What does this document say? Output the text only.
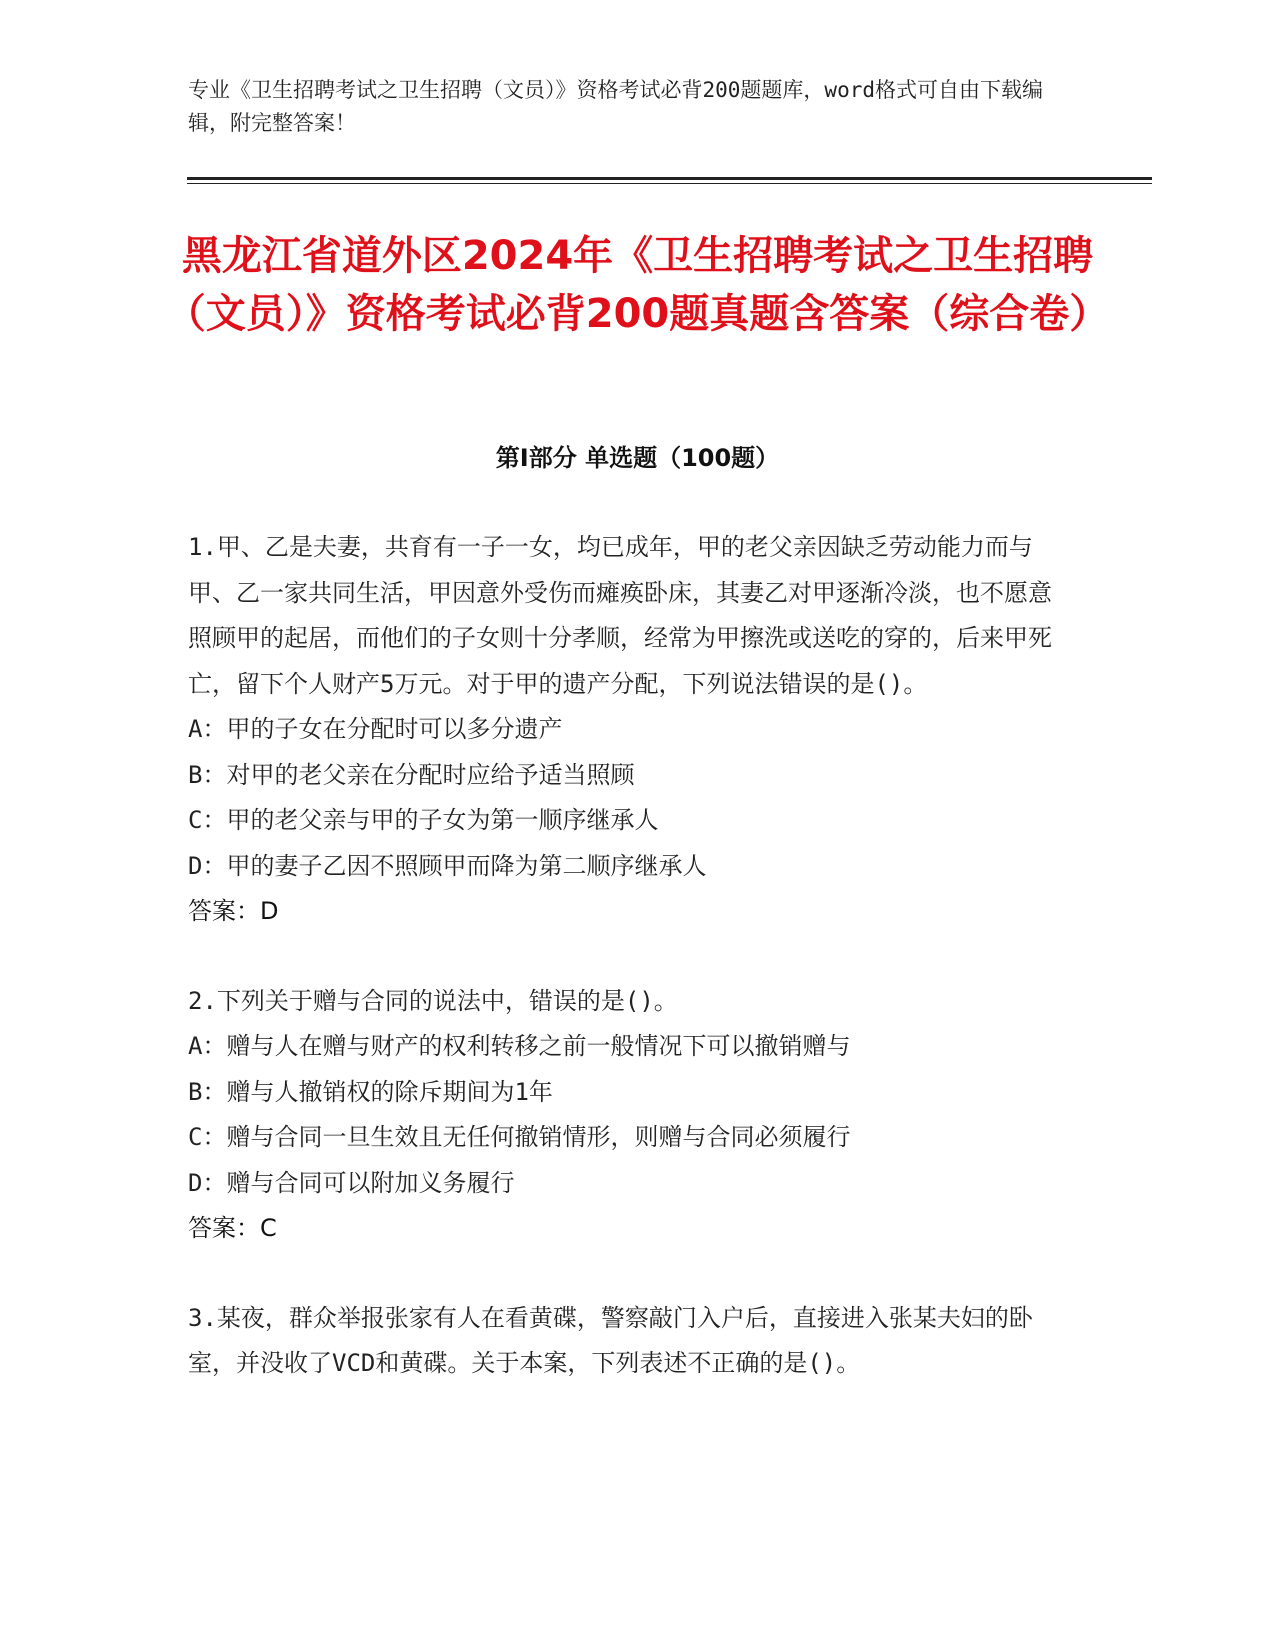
专业《卫生招聘考试之卫生招聘（文员）》资格考试必背200题题库，word格式可自由下载编辑，附完整答案！
黑龙江省道外区2024年《卫生招聘考试之卫生招聘（文员）》资格考试必背200题真题含答案（综合卷）
第Ⅰ部分 单选题（100题）

1.甲、乙是夫妻，共育有一子一女，均已成年，甲的老父亲因缺乏劳动能力而与甲、乙一家共同生活，甲因意外受伤而瘫痪卧床，其妻乙对甲逐渐冷淡，也不愿意照顾甲的起居，而他们的子女则十分孝顺，经常为甲擦洗或送吃的穿的，后来甲死亡，留下个人财产5万元。对于甲的遗产分配，下列说法错误的是()。

A：甲的子女在分配时可以多分遗产

B：对甲的老父亲在分配时应给予适当照顾

C：甲的老父亲与甲的子女为第一顺序继承人

D：甲的妻子乙因不照顾甲而降为第二顺序继承人

答案：D

2.下列关于赠与合同的说法中，错误的是()。

A：赠与人在赠与财产的权利转移之前一般情况下可以撤销赠与

B：赠与人撤销权的除斥期间为1年

C：赠与合同一旦生效且无任何撤销情形，则赠与合同必须履行

D：赠与合同可以附加义务履行

答案：C

3.某夜，群众举报张家有人在看黄碟，警察敲门入户后，直接进入张某夫妇的卧室，并没收了VCD和黄碟。关于本案，下列表述不正确的是()。
